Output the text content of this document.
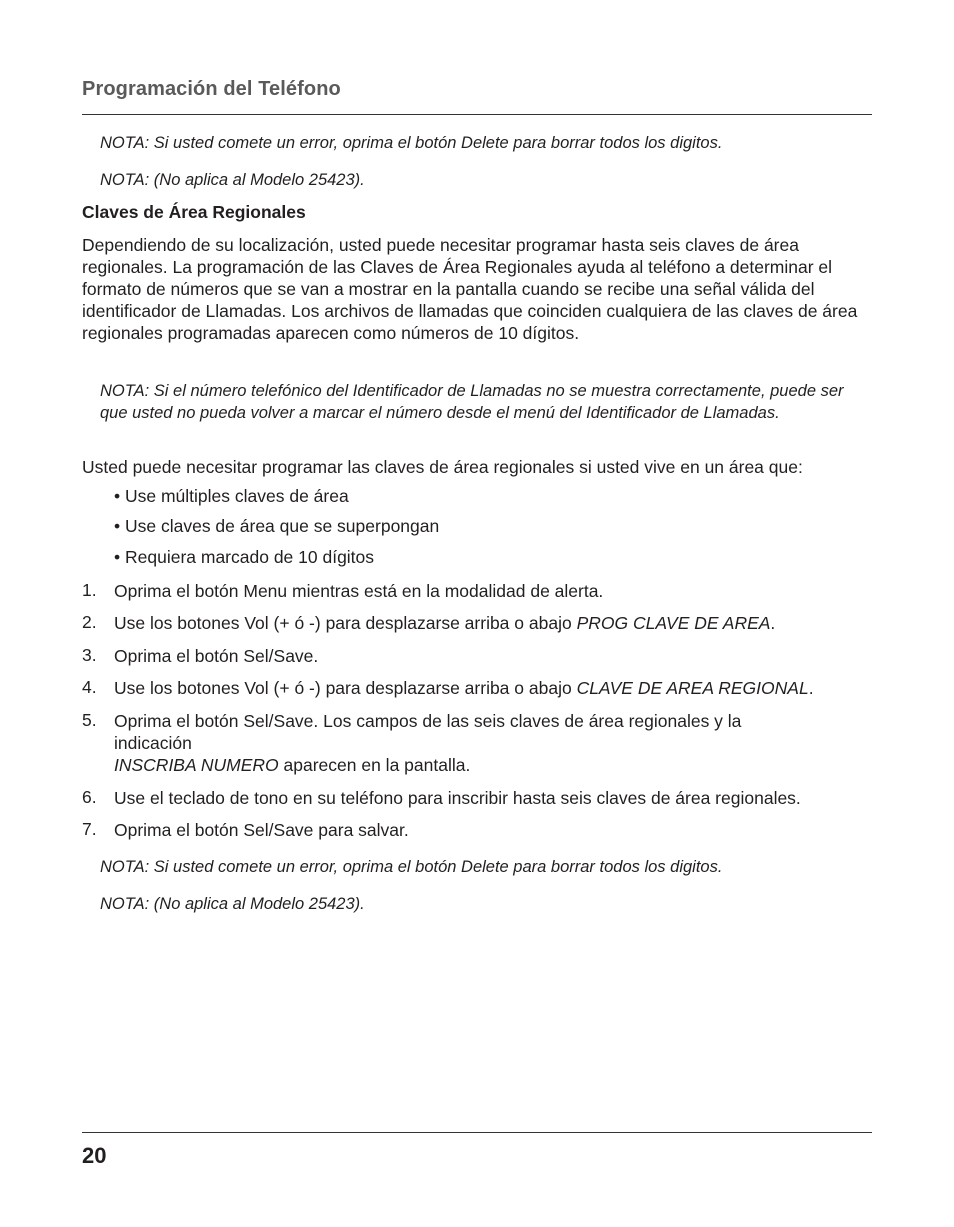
Programación del Teléfono
NOTA: Si usted comete un error, oprima el botón Delete para borrar todos los digitos.
NOTA: (No aplica al Modelo 25423).
Claves de Área Regionales
Dependiendo de su localización, usted puede necesitar programar hasta seis claves de área regionales. La programación de las Claves de Área Regionales ayuda al teléfono a determinar el formato de números que se van a mostrar en la pantalla cuando se recibe una señal válida del identificador de Llamadas. Los archivos de llamadas que coinciden cualquiera de las claves de área regionales programadas aparecen como números de 10 dígitos.
NOTA: Si el número telefónico del Identificador de Llamadas no se muestra correctamente, puede ser que usted no pueda volver a marcar el número desde el menú del Identificador de Llamadas.
Usted puede necesitar programar las claves de área regionales si usted vive en un área que:
• Use múltiples claves de área
• Use claves de área que se superpongan
• Requiera marcado de 10 dígitos
1. Oprima el botón Menu mientras está en la modalidad de alerta.
2. Use los botones Vol (+ ó -) para desplazarse arriba o abajo PROG CLAVE DE AREA.
3. Oprima el botón Sel/Save.
4. Use los botones Vol (+ ó -) para desplazarse arriba o abajo CLAVE DE AREA REGIONAL.
5. Oprima el botón Sel/Save. Los campos de las seis claves de área regionales y la
indicación
INSCRIBA NUMERO aparecen en la pantalla.
6. Use el teclado de tono en su teléfono para inscribir hasta seis claves de área regionales.
7. Oprima el botón Sel/Save para salvar.
NOTA: Si usted comete un error, oprima el botón Delete para borrar todos los digitos.
NOTA: (No aplica al Modelo 25423).
20
